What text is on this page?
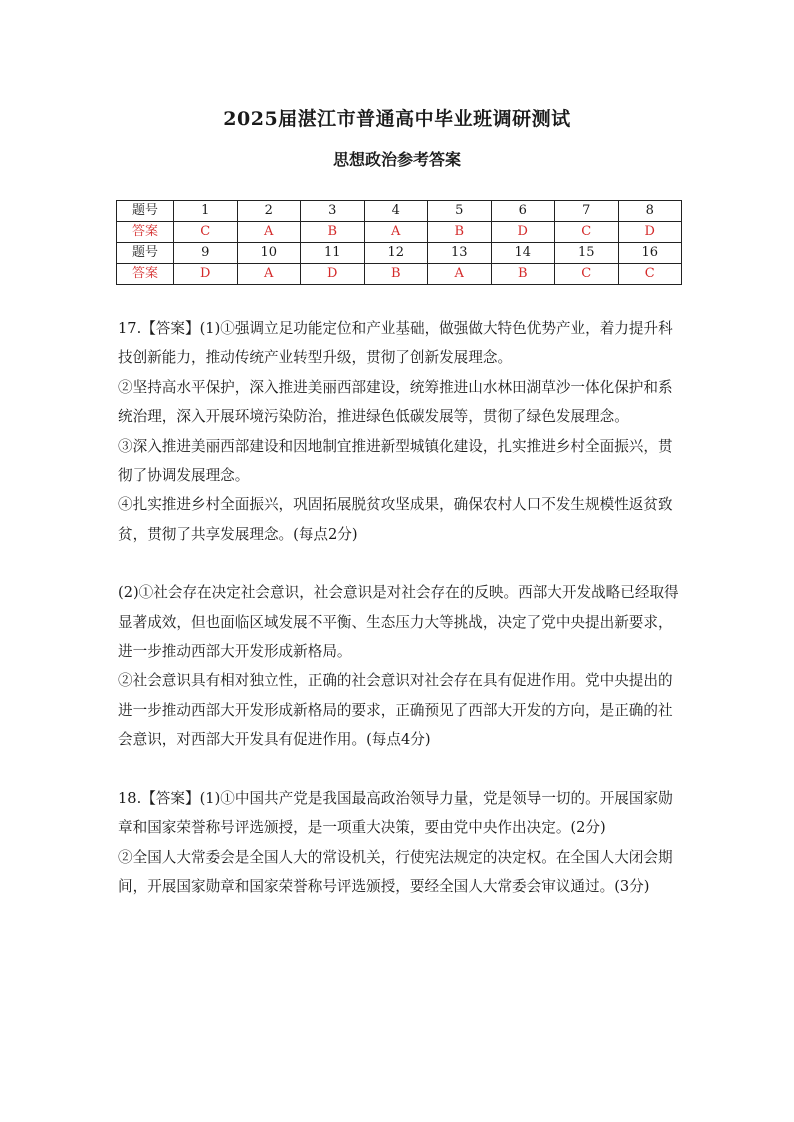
2025届湛江市普通高中毕业班调研测试
思想政治参考答案
题号	1	2	3	4	5	6	7	8
答案	C	A	B	A	B	D	C	D
题号	9	10	11	12	13	14	15	16
答案	D	A	D	B	A	B	C	C

17.【答案】(1)①强调立足功能定位和产业基础，做强做大特色优势产业，着力提升科技创新能力，推动传统产业转型升级，贯彻了创新发展理念。

②坚持高水平保护，深入推进美丽西部建设，统筹推进山水林田湖草沙一体化保护和系统治理，深入开展环境污染防治，推进绿色低碳发展等，贯彻了绿色发展理念。

③深入推进美丽西部建设和因地制宜推进新型城镇化建设，扎实推进乡村全面振兴，贯彻了协调发展理念。

④扎实推进乡村全面振兴，巩固拓展脱贫攻坚成果，确保农村人口不发生规模性返贫致贫，贯彻了共享发展理念。(每点2分)

(2)①社会存在决定社会意识，社会意识是对社会存在的反映。西部大开发战略已经取得显著成效，但也面临区域发展不平衡、生态压力大等挑战，决定了党中央提出新要求，进一步推动西部大开发形成新格局。

②社会意识具有相对独立性，正确的社会意识对社会存在具有促进作用。党中央提出的进一步推动西部大开发形成新格局的要求，正确预见了西部大开发的方向，是正确的社会意识，对西部大开发具有促进作用。(每点4分)

18.【答案】(1)①中国共产党是我国最高政治领导力量，党是领导一切的。开展国家勋章和国家荣誉称号评选颁授，是一项重大决策，要由党中央作出决定。(2分)

②全国人大常委会是全国人大的常设机关，行使宪法规定的决定权。在全国人大闭会期间，开展国家勋章和国家荣誉称号评选颁授，要经全国人大常委会审议通过。(3分)
